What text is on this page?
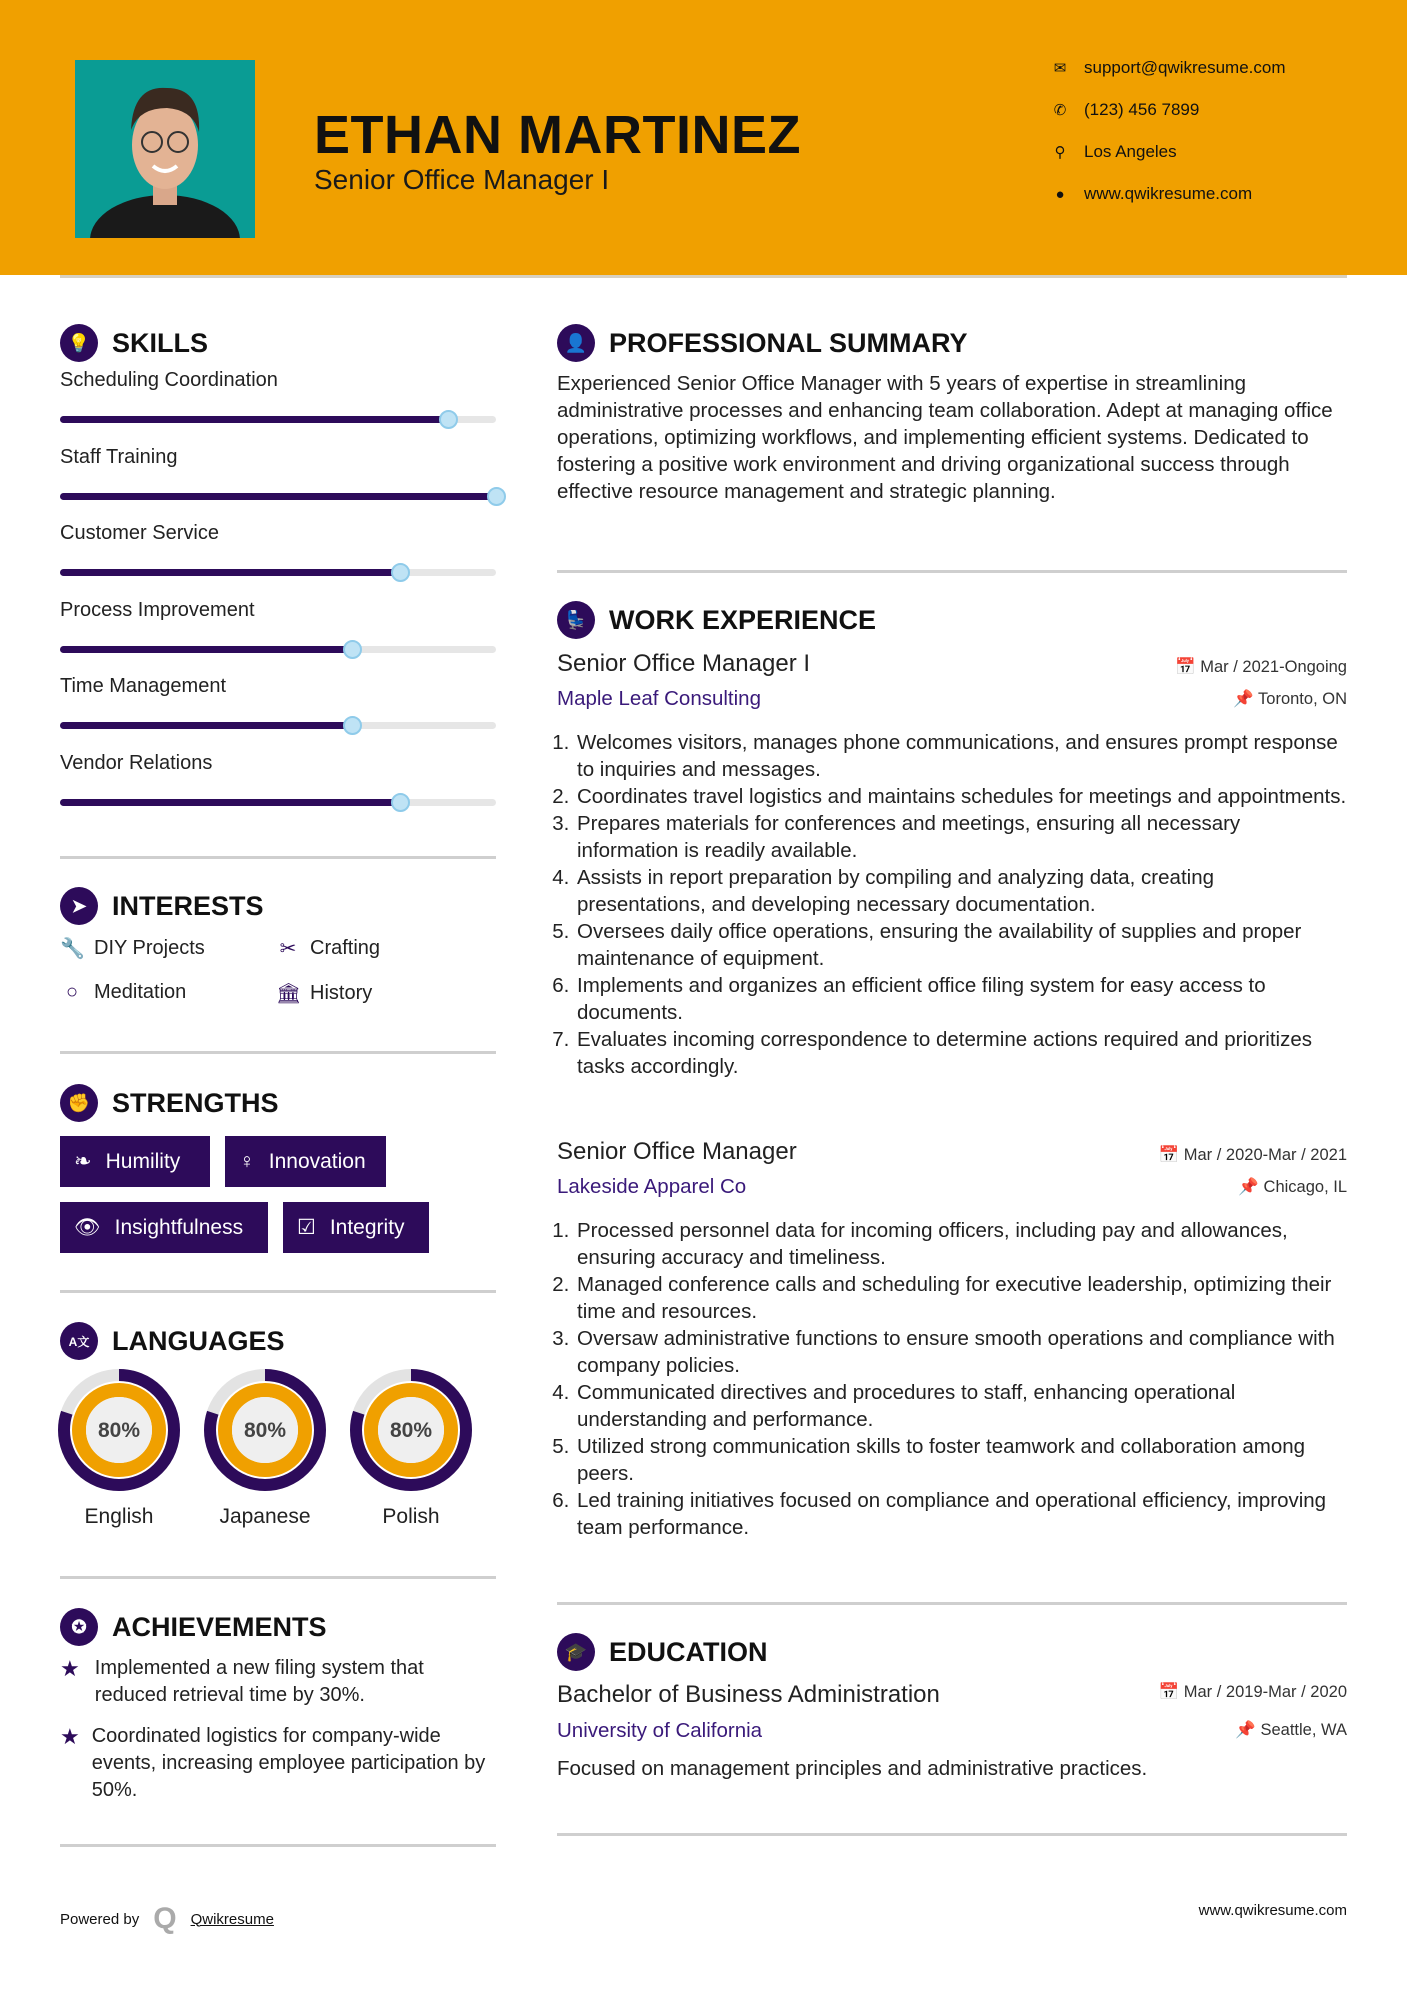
ETHAN MARTINEZ
Senior Office Manager I
✉ support@qwikresume.com
✆ (123) 456 7899
⚲ Los Angeles
●	www.qwikresume.com
💡 SKILLS
Scheduling Coordination
Staff Training
Customer Service
Process Improvement
Time Management
Vendor Relations
➤ INTERESTS
🔧 DIY Projects	✂ Crafting
○ Meditation	🏛 History
✊ STRENGTHS
❧ Humility	♀ Innovation
👁 Insightfulness	☑ Integrity
A文 LANGUAGES
80%
English
80%
Japanese
80%
Polish
✪ ACHIEVEMENTS
★ Implemented a new filing system that reduced retrieval time by 30%.
★ Coordinated logistics for company-wide events, increasing employee participation by 50%.
👤 PROFESSIONAL SUMMARY
Experienced Senior Office Manager with 5 years of expertise in streamlining administrative processes and enhancing team collaboration. Adept at managing office operations, optimizing workflows, and implementing efficient systems. Dedicated to fostering a positive work environment and driving organizational success through effective resource management and strategic planning.
💺 WORK EXPERIENCE
Senior Office Manager I	📅 Mar / 2021-Ongoing
Maple Leaf Consulting	📌 Toronto, ON
1. Welcomes visitors, manages phone communications, and ensures prompt response to inquiries and messages.
2. Coordinates travel logistics and maintains schedules for meetings and appointments.
3. Prepares materials for conferences and meetings, ensuring all necessary information is readily available.
4. Assists in report preparation by compiling and analyzing data, creating presentations, and developing necessary documentation.
5. Oversees daily office operations, ensuring the availability of supplies and proper maintenance of equipment.
6. Implements and organizes an efficient office filing system for easy access to documents.
7. Evaluates incoming correspondence to determine actions required and prioritizes tasks accordingly.
Senior Office Manager	📅 Mar / 2020-Mar / 2021
Lakeside Apparel Co	📌 Chicago, IL
1. Processed personnel data for incoming officers, including pay and allowances, ensuring accuracy and timeliness.
2. Managed conference calls and scheduling for executive leadership, optimizing their time and resources.
3. Oversaw administrative functions to ensure smooth operations and compliance with company policies.
4. Communicated directives and procedures to staff, enhancing operational understanding and performance.
5. Utilized strong communication skills to foster teamwork and collaboration among peers.
6. Led training initiatives focused on compliance and operational efficiency, improving team performance.
🎓 EDUCATION
Bachelor of Business Administration	📅 Mar / 2019-Mar / 2020
University of California	📌 Seattle, WA
Focused on management principles and administrative practices.
Powered by Q Qwikresume	www.qwikresume.com
